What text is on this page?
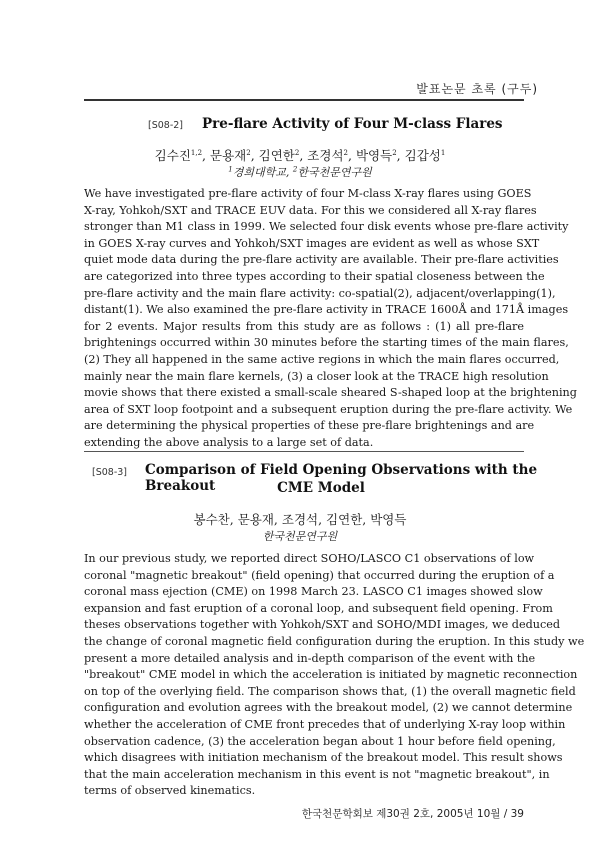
발표논문 초록 (구두)
[S08-2] Pre-flare Activity of Four M-class Flares
김수진$^{1,2}$, 문용재$^2$, 김연한$^2$, 조경석$^2$, 박영득$^2$, 김갑성$^1$
$^1$경희대학교, $^2$한국천문연구원
We have investigated pre-flare activity of four M-class X-ray flares using GOES
X-ray, Yohkoh/SXT and TRACE EUV data. For this we considered all X-ray flares
stronger than M1 class in 1999. We selected four disk events whose pre-flare activity
in GOES X-ray curves and Yohkoh/SXT images are evident as well as whose SXT
quiet mode data during the pre-flare activity are available. Their pre-flare activities
are categorized into three types according to their spatial closeness between the
pre-flare activity and the main flare activity: co-spatial(2), adjacent/overlapping(1),
distant(1). We also examined the pre-flare activity in TRACE 1600Å and 171Å images
for 2 events. Major results from this study are as follows : (1) all pre-flare
brightenings occurred within 30 minutes before the starting times of the main flares,
(2) They all happened in the same active regions in which the main flares occurred,
mainly near the main flare kernels, (3) a closer look at the TRACE high resolution
movie shows that there existed a small-scale sheared S-shaped loop at the brightening
area of SXT loop footpoint and a subsequent eruption during the pre-flare activity. We
are determining the physical properties of these pre-flare brightenings and are
extending the above analysis to a large set of data.
[S08-3] Comparison of Field Opening Observations with the Breakout	CME Model
봉수찬, 문용재, 조경석, 김연한, 박영득
한국천문연구원
In our previous study, we reported direct SOHO/LASCO C1 observations of low
coronal "magnetic breakout" (field opening) that occurred during the eruption of a
coronal mass ejection (CME) on 1998 March 23. LASCO C1 images showed slow
expansion and fast eruption of a coronal loop, and subsequent field opening. From
theses observations together with Yohkoh/SXT and SOHO/MDI images, we deduced
the change of coronal magnetic field configuration during the eruption. In this study we
present a more detailed analysis and in-depth comparison of the event with the
"breakout" CME model in which the acceleration is initiated by magnetic reconnection
on top of the overlying field. The comparison shows that, (1) the overall magnetic field
configuration and evolution agrees with the breakout model, (2) we cannot determine
whether the acceleration of CME front precedes that of underlying X-ray loop within
observation cadence, (3) the acceleration began about 1 hour before field opening,
which disagrees with initiation mechanism of the breakout model. This result shows
that the main acceleration mechanism in this event is not "magnetic breakout", in
terms of observed kinematics.
한국천문학회보 제30권 2호, 2005년 10월 / 39
